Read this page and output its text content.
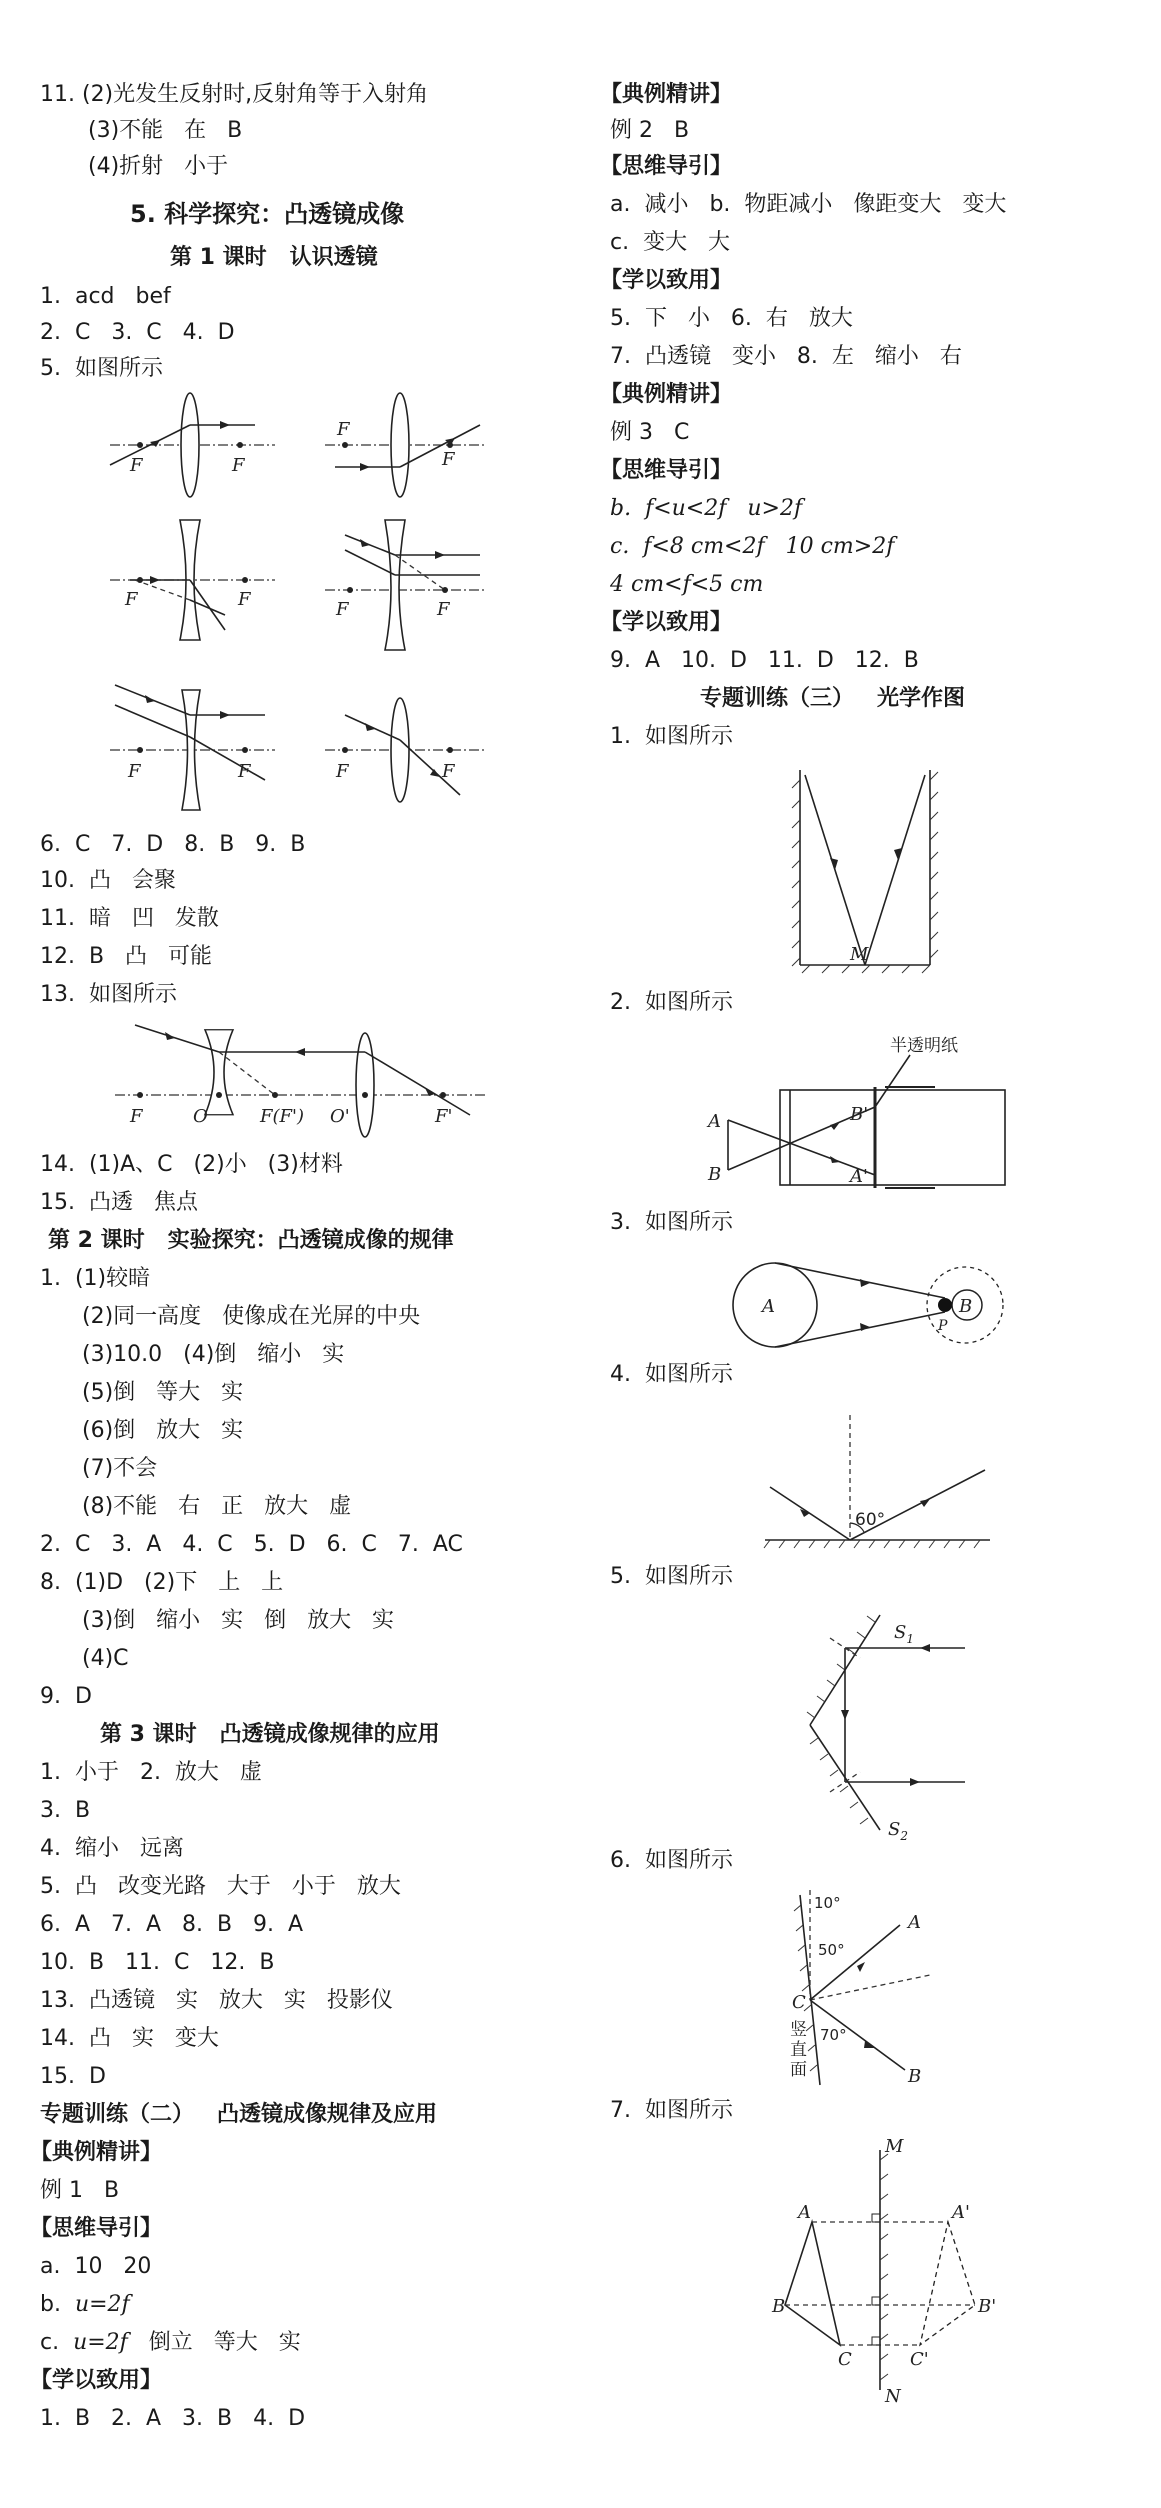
11. (2)光发生反射时,反射角等于入射角
(3)不能   在   B
(4)折射   小于
5. 科学探究：凸透镜成像
第 1 课时   认识透镜
1.  acd   bef
2.  C   3.  C   4.  D
5.  如图所示
F	F
F
F
F	F	F	F
F	F	F	F
6.  C   7.  D   8.  B   9.  B
10.  凸   会聚
11.  暗   凹   发散
12.  B   凸   可能
13.  如图所示
F	O	F(F') O'	F'
14.  (1)A、C   (2)小   (3)材料
15.  凸透   焦点
第 2 课时   实验探究：凸透镜成像的规律
1.  (1)较暗
(2)同一高度   使像成在光屏的中央
(3)10.0   (4)倒   缩小   实
(5)倒   等大   实
(6)倒   放大   实
(7)不会
(8)不能   右   正   放大   虚
2.  C   3.  A   4.  C   5.  D   6.  C   7.  AC
8.  (1)D   (2)下   上   上
(3)倒   缩小   实   倒   放大   实
(4)C
9.  D
第 3 课时   凸透镜成像规律的应用
1.  小于   2.  放大   虚
3.  B
4.  缩小   远离
5.  凸   改变光路   大于   小于   放大
6.  A   7.  A   8.  B   9.  A
10.  B   11.  C   12.  B
13.  凸透镜   实   放大   实   投影仪
14.  凸   实   变大
15.  D
专题训练（二）   凸透镜成像规律及应用
【典例精讲】
例 1   B
【思维导引】
a.  10   20
b.  u=2f
c.  u=2f   倒立   等大   实
【学以致用】
1.  B   2.  A   3.  B   4.  D
【典例精讲】
例 2   B
【思维导引】
a.  减小   b.  物距减小   像距变大   变大
c.  变大   大
【学以致用】
5.  下   小   6.  右   放大
7.  凸透镜   变小   8.  左   缩小   右
【典例精讲】
例 3   C
【思维导引】
b.  f<u<2f   u>2f
c.  f<8 cm<2f   10 cm>2f
4 cm<f<5 cm
【学以致用】
9.  A   10.  D   11.  D   12.  B
专题训练（三）   光学作图
1.  如图所示
M
2.  如图所示
半透明纸
A
B
B'
A'
3.  如图所示
A	B
P
4.  如图所示
60°
5.  如图所示
$S_1$
$S_2$
6.  如图所示
10°
50°
70°
A
B
C
竖
直
面
7.  如图所示
M
N
A
B
C
A'
B'
C'
